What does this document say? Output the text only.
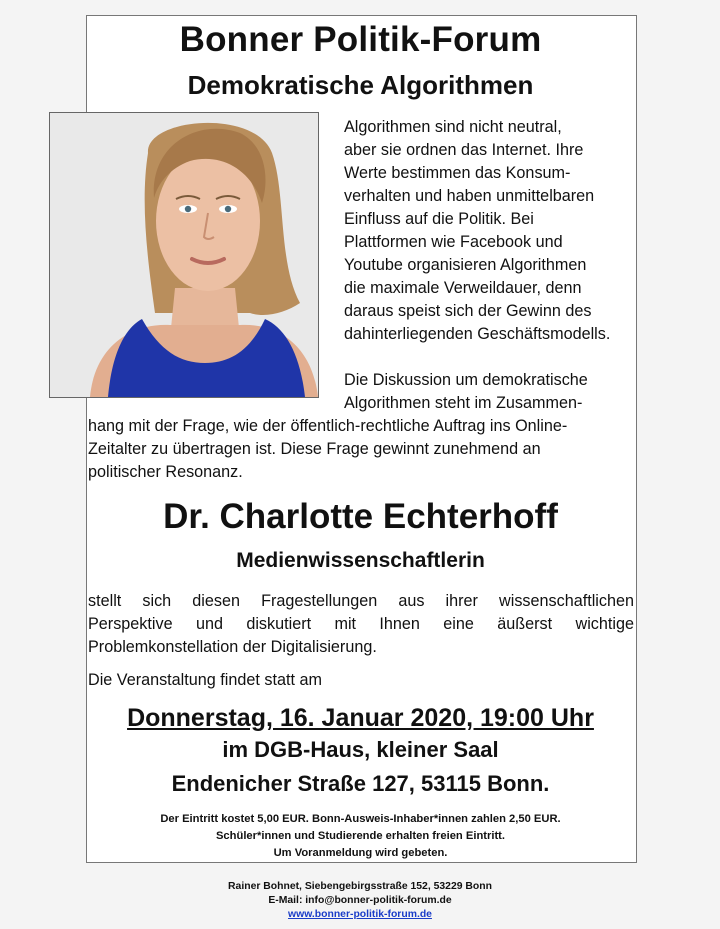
Bonner Politik-Forum
Demokratische Algorithmen
Algorithmen sind nicht neutral,
aber sie ordnen das Internet. Ihre
Werte bestimmen das Konsum-
verhalten und haben unmittelbaren
Einfluss auf die Politik. Bei
Plattformen wie Facebook und
Youtube organisieren Algorithmen
die maximale Verweildauer, denn
daraus speist sich der Gewinn des
dahinterliegenden Geschäftsmodells.
Die Diskussion um demokratische
Algorithmen steht im Zusammen-
hang mit der Frage, wie der öffentlich-rechtliche Auftrag ins Online-
Zeitalter zu übertragen ist. Diese Frage gewinnt zunehmend an
politischer Resonanz.
Dr. Charlotte Echterhoff
Medienwissenschaftlerin
stellt sich diesen Fragestellungen aus ihrer wissenschaftlichen
Perspektive und diskutiert mit Ihnen eine äußerst wichtige
Problemkonstellation der Digitalisierung.
Die Veranstaltung findet statt am
Donnerstag, 16. Januar 2020, 19:00 Uhr
im DGB-Haus, kleiner Saal
Endenicher Straße 127, 53115 Bonn.
Der Eintritt kostet 5,00 EUR. Bonn-Ausweis-Inhaber*innen zahlen 2,50 EUR.
Schüler*innen und Studierende erhalten freien Eintritt.
Um Voranmeldung wird gebeten.
Rainer Bohnet, Siebengebirgsstraße 152, 53229 Bonn
E-Mail: info@bonner-politik-forum.de
www.bonner-politik-forum.de
